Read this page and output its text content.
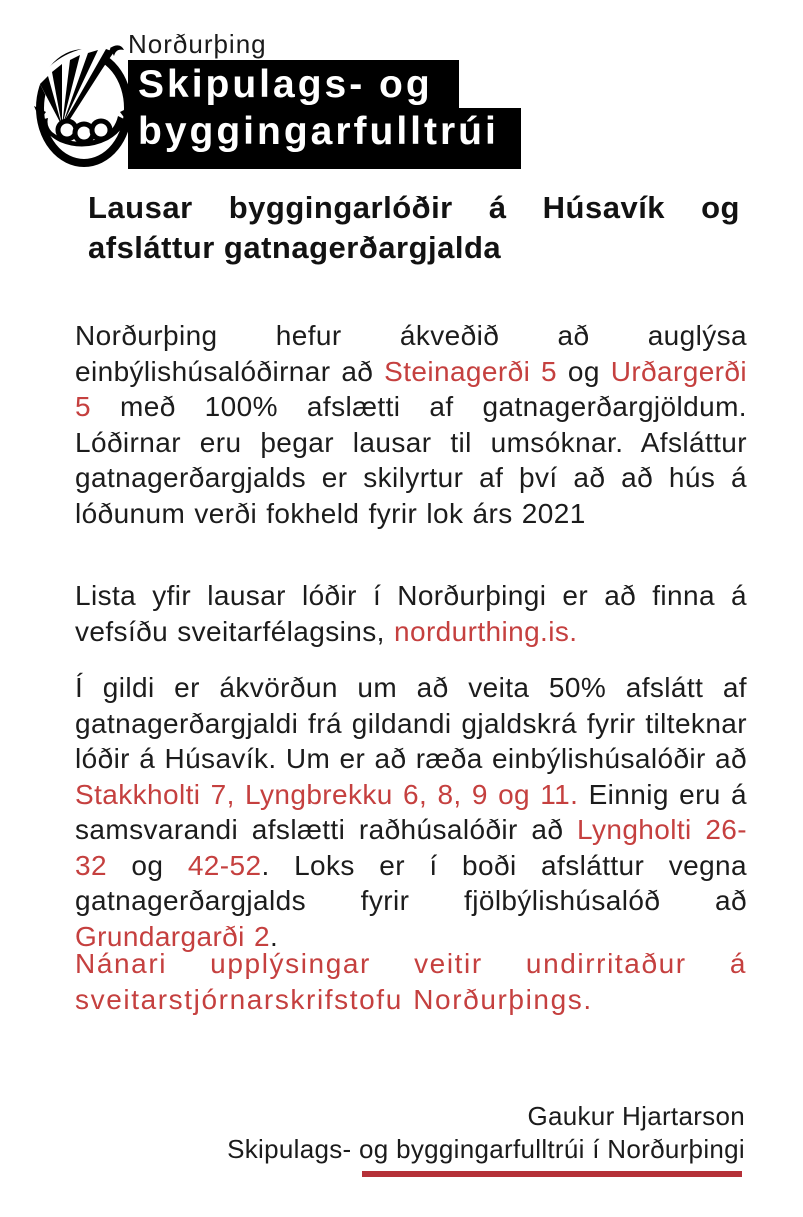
Norðurþing
Skipulags- og
byggingarfulltrúi
Lausar byggingarlóðir á Húsavík og afsláttur gatnagerðargjalda

Norðurþing hefur ákveðið að auglýsa einbýlishúsalóðirnar að Steinagerði 5 og Urðargerði 5 með 100% afslætti af gatnagerðargjöldum. Lóðirnar eru þegar lausar til umsóknar. Afsláttur gatnagerðargjalds er skilyrtur af því að að hús á lóðunum verði fokheld fyrir lok árs 2021

Lista yfir lausar lóðir í Norðurþingi er að finna á vefsíðu sveitarfélagsins, nordurthing.is.

Í gildi er ákvörðun um að veita 50% afslátt af gatnagerðargjaldi frá gildandi gjaldskrá fyrir tilteknar lóðir á Húsavík. Um er að ræða einbýlishúsalóðir að Stakkholti 7, Lyngbrekku 6, 8, 9 og 11. Einnig eru á samsvarandi afslætti raðhúsalóðir að Lyngholti 26-32 og 42-52. Loks er í boði afsláttur vegna gatnagerðargjalds fyrir fjölbýlishúsalóð að Grundargarði 2.

Nánari upplýsingar veitir undirritaður á sveitarstjórnarskrifstofu Norðurþings.

Gaukur Hjartarson
Skipulags- og byggingarfulltrúi í Norðurþingi
